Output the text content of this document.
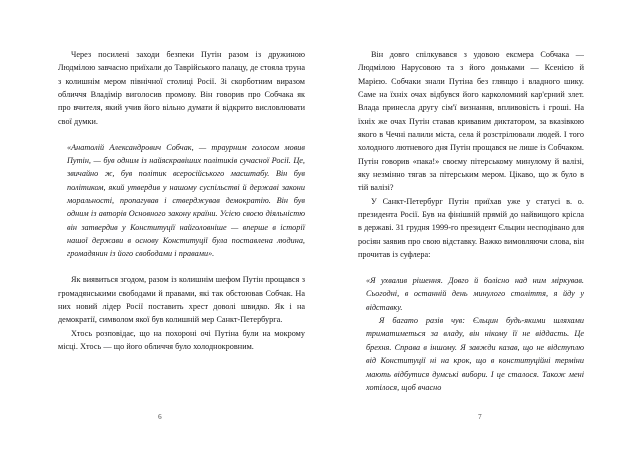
Через посилені заходи безпеки Путін разом із дружиною Людмілою завчасно приїхали до Таврійського палацу, де стояла труна з колишнім мером північної столиці Росії. Зі скорботним виразом обличчя Владімір виголосив промову. Він говорив про Собчака як про вчителя, який учив його вільно думати й відкрито висловлювати свої думки.

«Анатолій Александрович Собчак, — траурним голосом мовив Путін, — був одним із найяскравіших політиків сучасної Росії. Це, звичайно ж, був політик всеросійського масштабу. Він був політиком, який утвердив у нашому суспільстві й державі закони моральності, пропагував і стверджував демократію. Він був одним із авторів Основного закону країни. Усією своєю діяльністю він затвердив у Конституції найголовніше — вперше в історії нашої держави в основу Конституції була поставлена людина, громадянин із його свободами і правами».

Як виявиться згодом, разом із колишнім шефом Путін прощався з громадянськими свободами й правами, які так обстоював Собчак. На них новий лідер Росії поставить хрест доволі швидко. Як і на демократії, символом якої був колишній мер Санкт-Петербурга.

Хтось розповідає, що на похороні очі Путіна були на мокрому місці. Хтось — що його обличчя було холоднокровним.

6

Він довго спілкувався з удовою ексмера Собчака — Людмілою Нарусовою та з його доньками — Ксенією й Марією. Собчаки знали Путіна без глянцю і владного шику. Саме на їхніх очах відбувся його карколомний кар'єрний злет. Влада принесла другу сім'ї визнання, впливовість і гроші. На їхніх же очах Путін ставав кривавим диктатором, за вказівкою якого в Чечні палили міста, села й розстрілювали людей. І того холодного лютневого дня Путін прощався не лише із Собчаком. Путін говорив «пака!» своєму пітерському минулому й валізі, яку незмінно тягав за пітерським мером. Цікаво, що ж було в тій валізі?

У Санкт-Петербург Путін приїхав уже у статусі в. о. президента Росії. Був на фінішній прямій до найвищого крісла в державі. 31 грудня 1999-го президент Єльцин несподівано для росіян заявив про свою відставку. Важко вимовляючи слова, він прочитав із суфлера:

«Я ухвалив рішення. Довго й болісно над ним міркував. Сьогодні, в останній день минулого століття, я йду у відставку.

Я багато разів чув: Єльцин будь-якими шляхами триматиметься за владу, він нікому її не віддасть. Це брехня. Справа в іншому. Я завжди казав, що не відступлю від Конституції ні на крок, що в конституційні терміни мають відбутися думські вибори. І це сталося. Також мені хотілося, щоб вчасно

7
